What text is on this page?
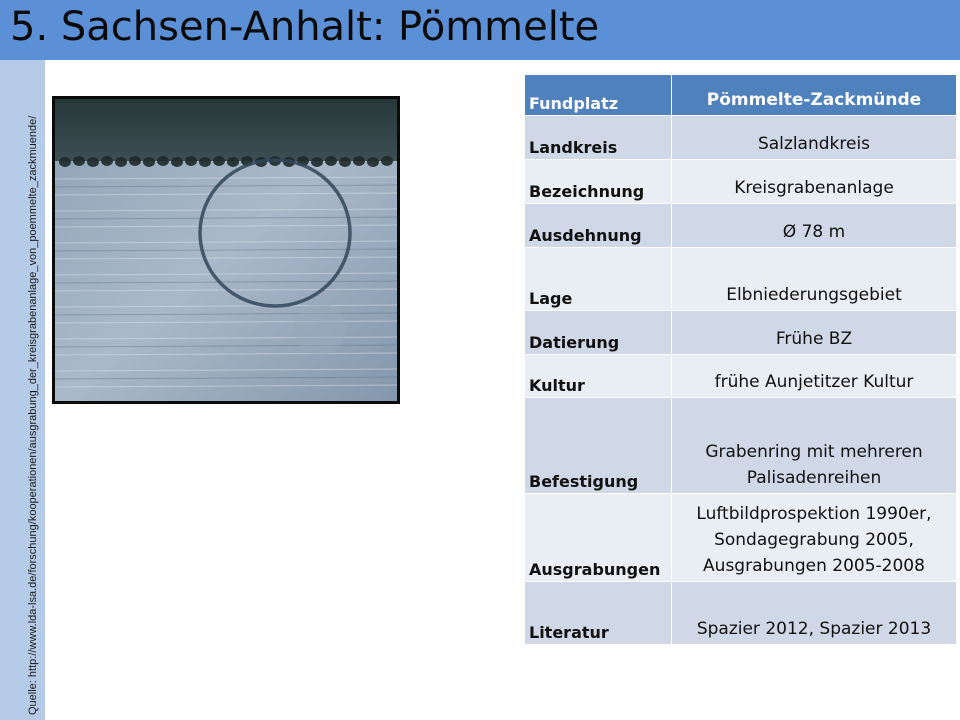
5. Sachsen-Anhalt: Pömmelte
Quelle: http://www.lda-lsa.de/forschung/kooperationen/ausgrabung_der_kreisgrabenanlage_von_poemmelte_zackmuende/
Fundplatz	Pömmelte-Zackmünde
Landkreis	Salzlandkreis
Bezeichnung	Kreisgrabenanlage
Ausdehnung	Ø 78 m
Lage	Elbniederungsgebiet
Datierung	Frühe BZ
Kultur	frühe Aunjetitzer Kultur
Befestigung	Grabenring mit mehreren Palisadenreihen
Ausgrabungen	Luftbildprospektion 1990er, Sondagegrabung 2005, Ausgrabungen 2005-2008
Literatur	Spazier 2012, Spazier 2013
